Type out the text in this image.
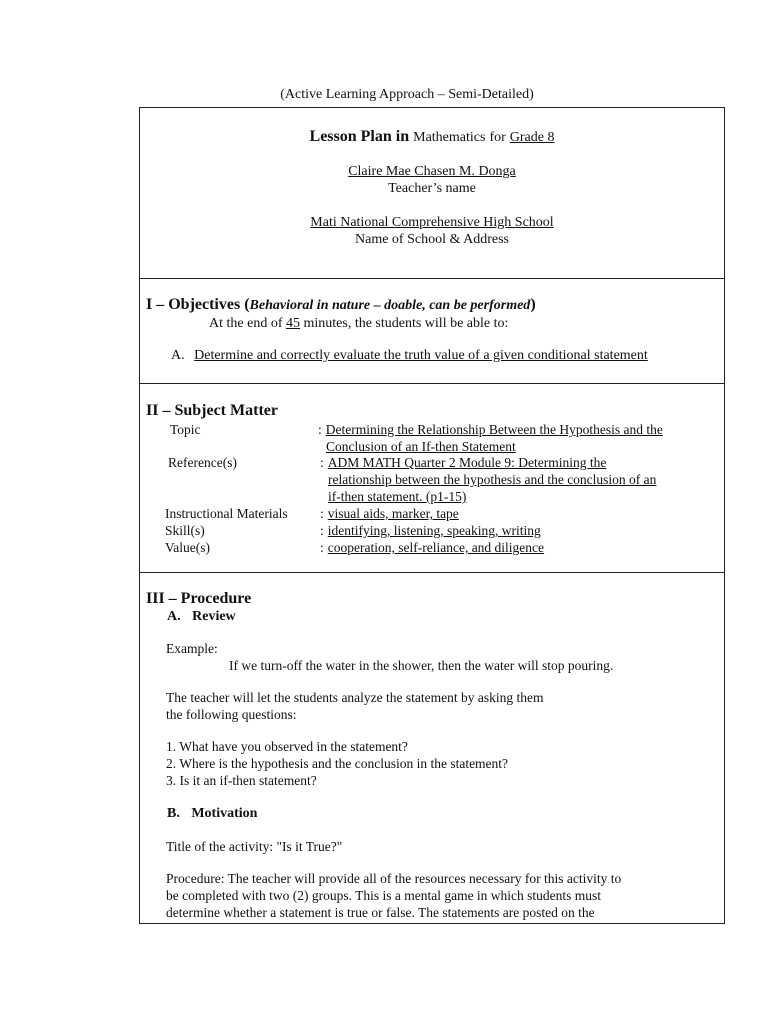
(Active Learning Approach – Semi-Detailed)
Lesson Plan in Mathematics for Grade 8
Claire Mae Chasen M. Donga
Teacher’s name
Mati National Comprehensive High School
Name of School & Address
I – Objectives (Behavioral in nature – doable, can be performed)
At the end of 45 minutes, the students will be able to:
A. Determine and correctly evaluate the truth value of a given conditional statement
II – Subject Matter
Topic	: Determining the Relationship Between the Hypothesis and the
Conclusion of an If-then Statement
Reference(s)	: ADM MATH Quarter 2 Module 9: Determining the
relationship between the hypothesis and the conclusion of an
if-then statement. (p1-15)
Instructional Materials : visual aids, marker, tape
Skill(s)	: identifying, listening, speaking, writing
Value(s)	: cooperation, self-reliance, and diligence
III – Procedure
A. Review
Example:
If we turn-off the water in the shower, then the water will stop pouring.
The teacher will let the students analyze the statement by asking them
the following questions:
1. What have you observed in the statement?
2. Where is the hypothesis and the conclusion in the statement?
3. Is it an if-then statement?
B. Motivation
Title of the activity: "Is it True?"
Procedure: The teacher will provide all of the resources necessary for this activity to
be completed with two (2) groups. This is a mental game in which students must
determine whether a statement is true or false. The statements are posted on the
